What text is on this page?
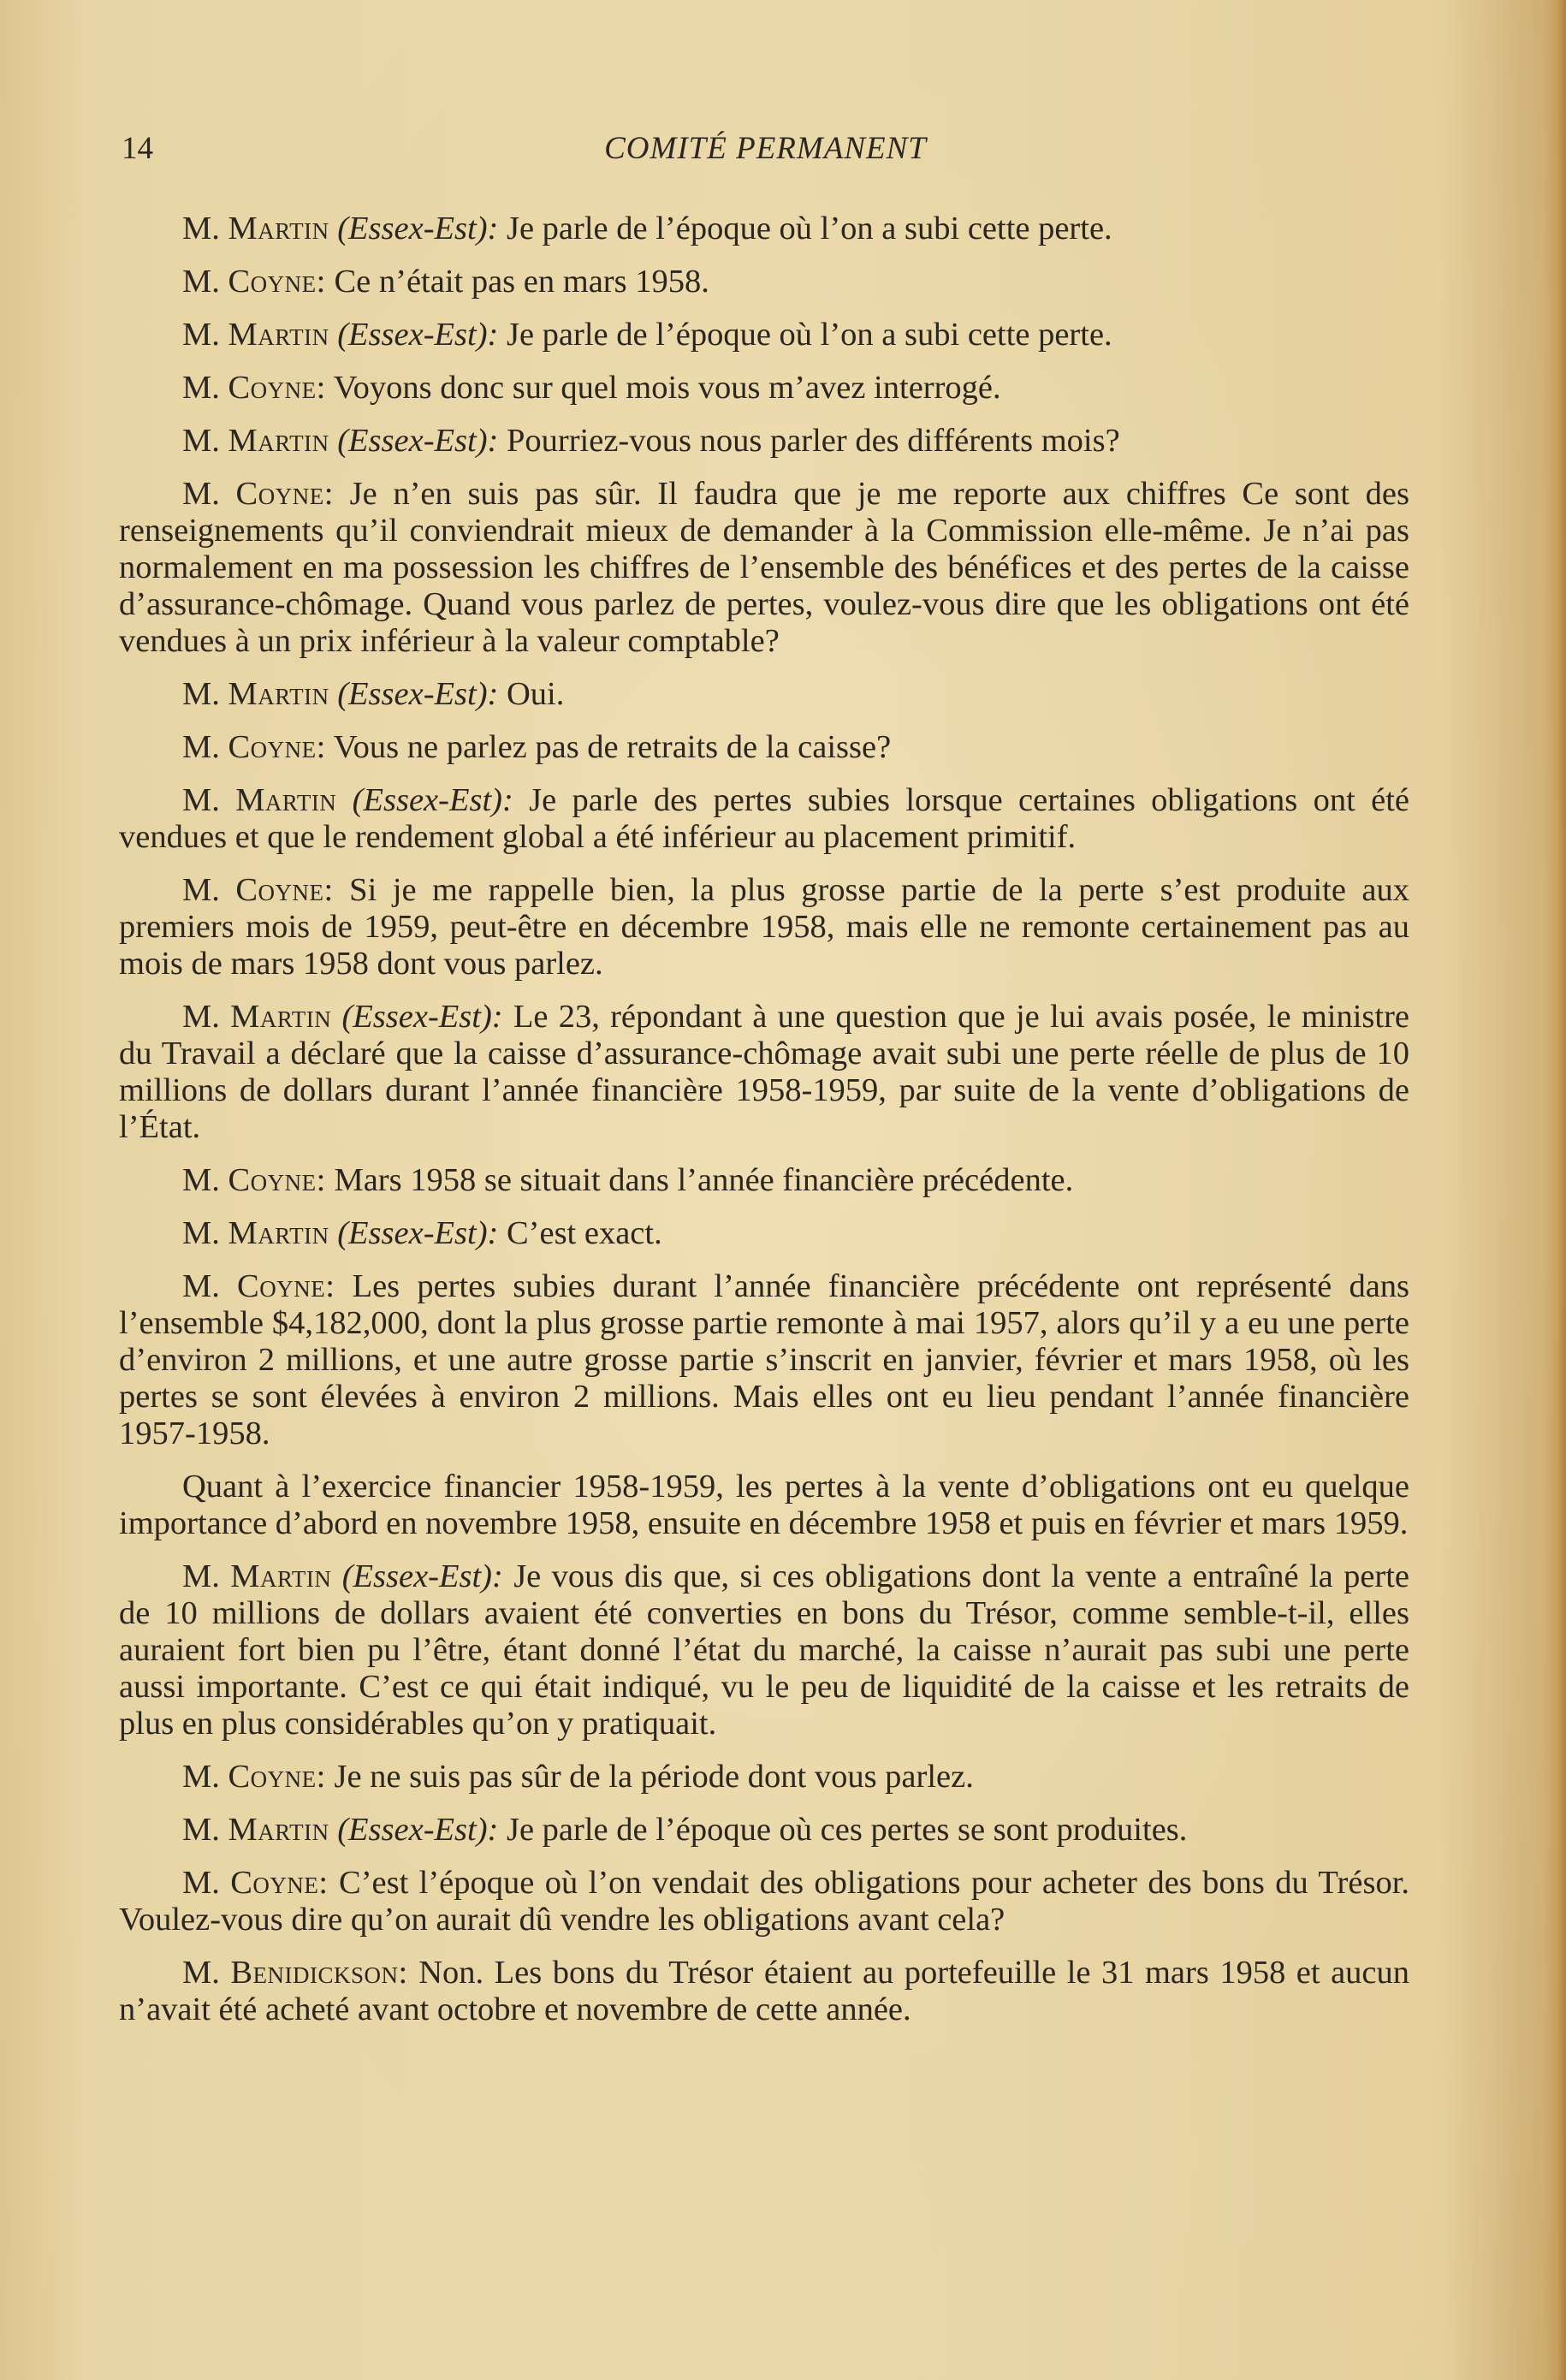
14	COMITÉ PERMANENT

M. Martin (Essex-Est): Je parle de l’époque où l’on a subi cette perte.

M. Coyne: Ce n’était pas en mars 1958.

M. Martin (Essex-Est): Je parle de l’époque où l’on a subi cette perte.

M. Coyne: Voyons donc sur quel mois vous m’avez interrogé.

M. Martin (Essex-Est): Pourriez-vous nous parler des différents mois?

M. Coyne: Je n’en suis pas sûr. Il faudra que je me reporte aux chiffres Ce sont des renseignements qu’il conviendrait mieux de demander à la Commission elle-même. Je n’ai pas normalement en ma possession les chiffres de l’ensemble des bénéfices et des pertes de la caisse d’assurance-chômage. Quand vous parlez de pertes, voulez-vous dire que les obligations ont été vendues à un prix inférieur à la valeur comptable?

M. Martin (Essex-Est): Oui.

M. Coyne: Vous ne parlez pas de retraits de la caisse?

M. Martin (Essex-Est): Je parle des pertes subies lorsque certaines obligations ont été vendues et que le rendement global a été inférieur au placement primitif.

M. Coyne: Si je me rappelle bien, la plus grosse partie de la perte s’est produite aux premiers mois de 1959, peut-être en décembre 1958, mais elle ne remonte certainement pas au mois de mars 1958 dont vous parlez.

M. Martin (Essex-Est): Le 23, répondant à une question que je lui avais posée, le ministre du Travail a déclaré que la caisse d’assurance-chômage avait subi une perte réelle de plus de 10 millions de dollars durant l’année financière 1958-1959, par suite de la vente d’obligations de l’État.

M. Coyne: Mars 1958 se situait dans l’année financière précédente.

M. Martin (Essex-Est): C’est exact.

M. Coyne: Les pertes subies durant l’année financière précédente ont représenté dans l’ensemble $4,182,000, dont la plus grosse partie remonte à mai 1957, alors qu’il y a eu une perte d’environ 2 millions, et une autre grosse partie s’inscrit en janvier, février et mars 1958, où les pertes se sont élevées à environ 2 millions. Mais elles ont eu lieu pendant l’année financière 1957-1958.

Quant à l’exercice financier 1958-1959, les pertes à la vente d’obligations ont eu quelque importance d’abord en novembre 1958, ensuite en décembre 1958 et puis en février et mars 1959.

M. Martin (Essex-Est): Je vous dis que, si ces obligations dont la vente a entraîné la perte de 10 millions de dollars avaient été converties en bons du Trésor, comme semble-t-il, elles auraient fort bien pu l’être, étant donné l’état du marché, la caisse n’aurait pas subi une perte aussi importante. C’est ce qui était indiqué, vu le peu de liquidité de la caisse et les retraits de plus en plus considérables qu’on y pratiquait.

M. Coyne: Je ne suis pas sûr de la période dont vous parlez.

M. Martin (Essex-Est): Je parle de l’époque où ces pertes se sont produites.

M. Coyne: C’est l’époque où l’on vendait des obligations pour acheter des bons du Trésor. Voulez-vous dire qu’on aurait dû vendre les obligations avant cela?

M. Benidickson: Non. Les bons du Trésor étaient au portefeuille le 31 mars 1958 et aucun n’avait été acheté avant octobre et novembre de cette année.
